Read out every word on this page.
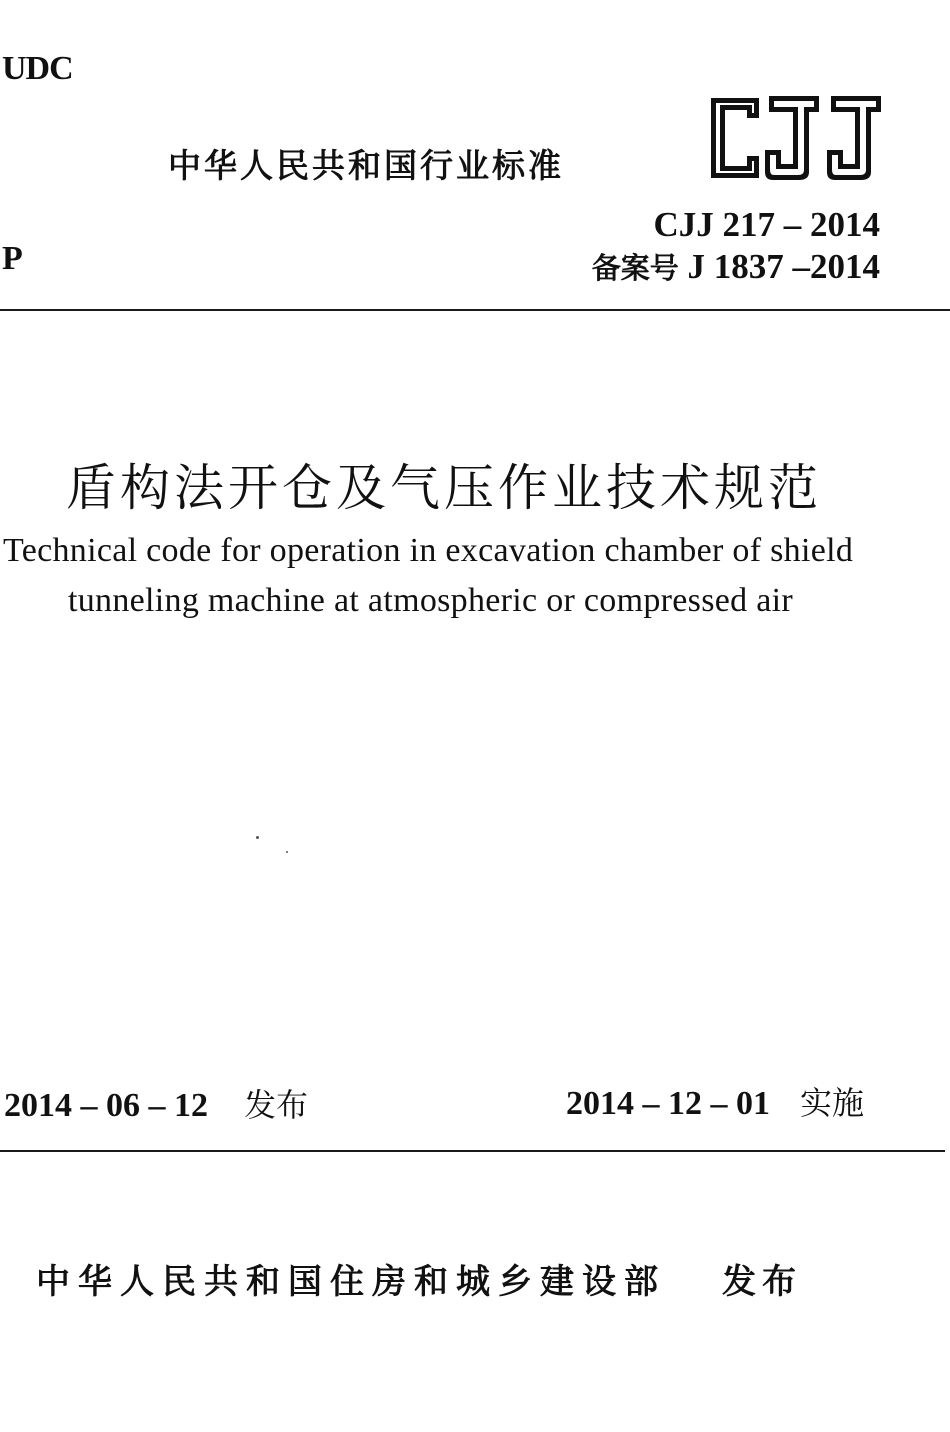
UDC
中华人民共和国行业标准
CJJ 217 – 2014
备案号 J 1837 –2014
P
盾构法开仓及气压作业技术规范
Technical code for operation in excavation chamber of shield
tunneling machine at atmospheric or compressed air
2014 – 06 – 12 发布	2014 – 12 – 01 实施
中华人民共和国住房和城乡建设部 发布
